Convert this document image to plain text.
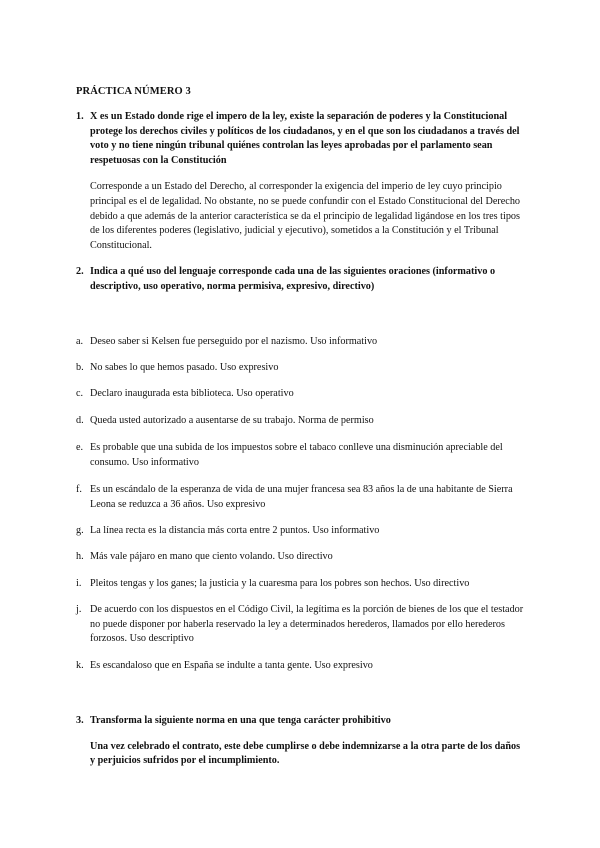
PRÁCTICA NÚMERO 3
1. X es un Estado donde rige el impero de la ley, existe la separación de poderes y la Constitucional protege los derechos civiles y políticos de los ciudadanos, y en el que son los ciudadanos a través del voto y no tiene ningún tribunal quiénes controlan las leyes aprobadas por el parlamento sean respetuosas con la Constitución
Corresponde a un Estado del Derecho, al corresponder la exigencia del imperio de ley cuyo principio principal es el de legalidad. No obstante, no se puede confundir con el Estado Constitucional del Derecho debido a que además de la anterior característica se da el principio de legalidad ligándose en los tres tipos de los diferentes poderes (legislativo, judicial y ejecutivo), sometidos a la Constitución y el Tribunal Constitucional.
2. Indica a qué uso del lenguaje corresponde cada una de las siguientes oraciones (informativo o descriptivo, uso operativo, norma permisiva, expresivo, directivo)
a. Deseo saber si Kelsen fue perseguido por el nazismo. Uso informativo
b. No sabes lo que hemos pasado. Uso expresivo
c. Declaro inaugurada esta biblioteca. Uso operativo
d. Queda usted autorizado a ausentarse de su trabajo. Norma de permiso
e. Es probable que una subida de los impuestos sobre el tabaco conlleve una disminución apreciable del consumo. Uso informativo
f. Es un escándalo de la esperanza de vida de una mujer francesa sea 83 años la de una habitante de Sierra Leona se reduzca a 36 años. Uso expresivo
g. La línea recta es la distancia más corta entre 2 puntos. Uso informativo
h. Más vale pájaro en mano que ciento volando. Uso directivo
i. Pleitos tengas y los ganes; la justicia y la cuaresma para los pobres son hechos. Uso directivo
j. De acuerdo con los dispuestos en el Código Civil, la legítima es la porción de bienes de los que el testador no puede disponer por haberla reservado la ley a determinados herederos, llamados por ello herederos forzosos. Uso descriptivo
k. Es escandaloso que en España se indulte a tanta gente. Uso expresivo
3. Transforma la siguiente norma en una que tenga carácter prohibitivo
Una vez celebrado el contrato, este debe cumplirse o debe indemnizarse a la otra parte de los daños y perjuicios sufridos por el incumplimiento.
